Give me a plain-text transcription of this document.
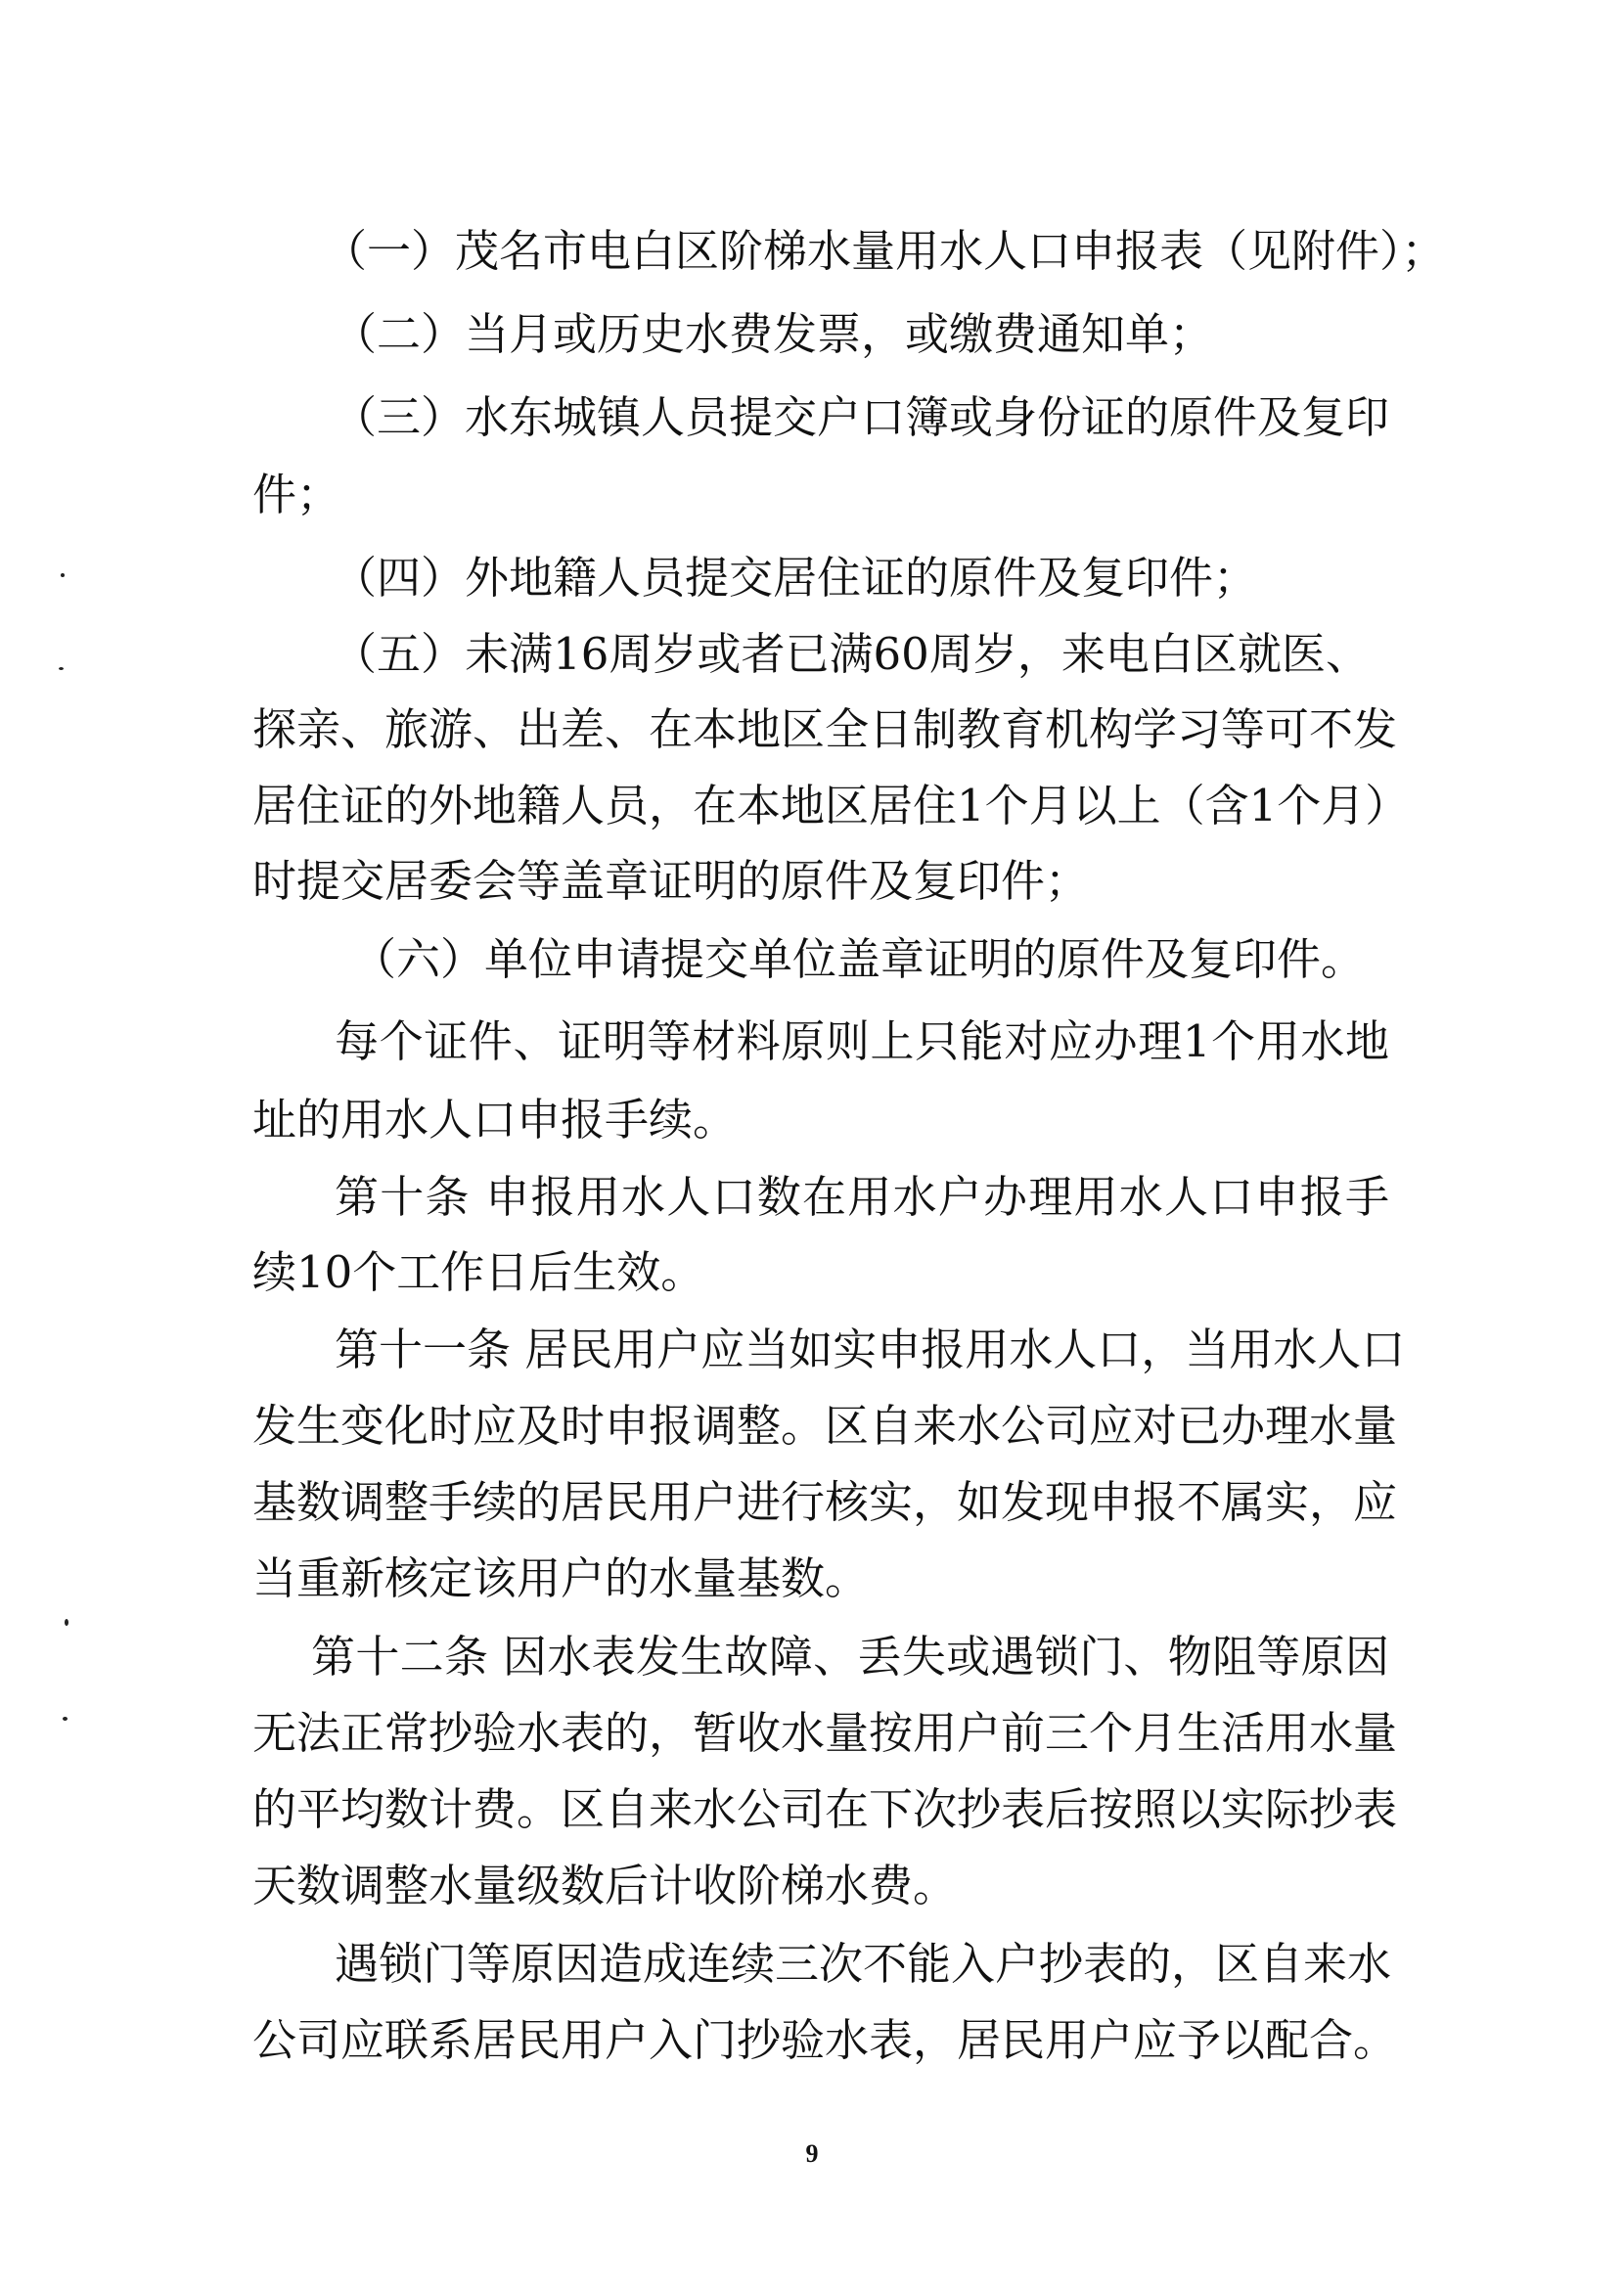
（一）茂名市电白区阶梯水量用水人口申报表（见附件）；
（二）当月或历史水费发票，或缴费通知单；
（三）水东城镇人员提交户口簿或身份证的原件及复印
件；
（四）外地籍人员提交居住证的原件及复印件；
（五）未满16周岁或者已满60周岁，来电白区就医、
探亲、旅游、出差、在本地区全日制教育机构学习等可不发
居住证的外地籍人员，在本地区居住1个月以上（含1个月）
时提交居委会等盖章证明的原件及复印件；
（六）单位申请提交单位盖章证明的原件及复印件。
每个证件、证明等材料原则上只能对应办理1个用水地
址的用水人口申报手续。
第十条 申报用水人口数在用水户办理用水人口申报手
续10个工作日后生效。
第十一条 居民用户应当如实申报用水人口，当用水人口
发生变化时应及时申报调整。区自来水公司应对已办理水量
基数调整手续的居民用户进行核实，如发现申报不属实，应
当重新核定该用户的水量基数。
第十二条 因水表发生故障、丢失或遇锁门、物阻等原因
无法正常抄验水表的，暂收水量按用户前三个月生活用水量
的平均数计费。区自来水公司在下次抄表后按照以实际抄表
天数调整水量级数后计收阶梯水费。
遇锁门等原因造成连续三次不能入户抄表的，区自来水
公司应联系居民用户入门抄验水表，居民用户应予以配合。
9
